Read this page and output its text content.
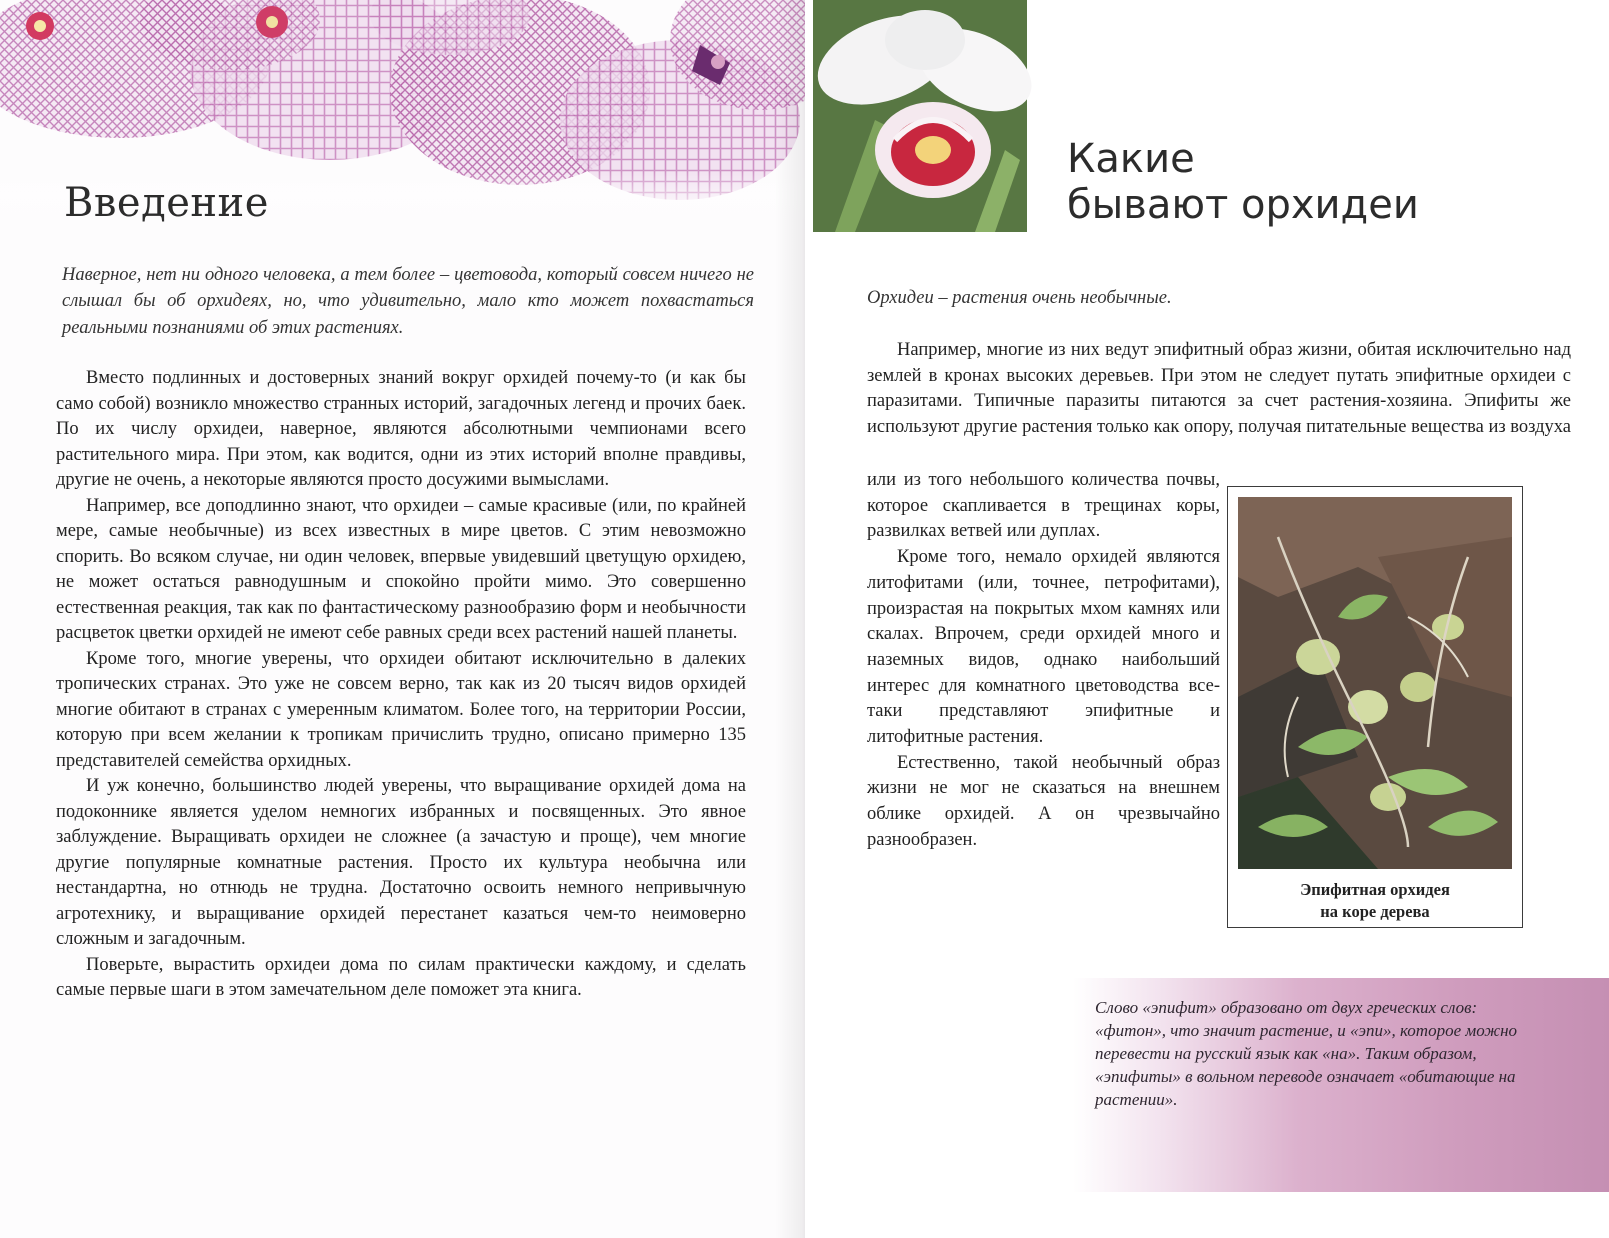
Введение

Наверное, нет ни одного человека, а тем более – цветовода, который совсем ничего не слышал бы об орхидеях, но, что удивительно, мало кто может похвастаться реальными познаниями об этих растениях.

Вместо подлинных и достоверных знаний вокруг орхидей почему-то (и как бы само собой) возникло множество странных историй, загадочных легенд и прочих баек. По их числу орхидеи, наверное, являются абсолютными чемпионами всего растительного мира. При этом, как водится, одни из этих историй вполне правдивы, другие не очень, а некоторые являются просто досужими вымыслами.

Например, все доподлинно знают, что орхидеи – самые красивые (или, по крайней мере, самые необычные) из всех известных в мире цветов. С этим невозможно спорить. Во всяком случае, ни один человек, впервые увидевший цветущую орхидею, не может остаться равнодушным и спокойно пройти мимо. Это совершенно естественная реакция, так как по фантастическому разнообразию форм и необычности расцветок цветки орхидей не имеют себе равных среди всех растений нашей планеты.

Кроме того, многие уверены, что орхидеи обитают исключительно в далеких тропических странах. Это уже не совсем верно, так как из 20 тысяч видов орхидей многие обитают в странах с умеренным климатом. Более того, на территории России, которую при всем желании к тропикам причислить трудно, описано примерно 135 представителей семейства орхидных.

И уж конечно, большинство людей уверены, что выращивание орхидей дома на подоконнике является уделом немногих избранных и посвященных. Это явное заблуждение. Выращивать орхидеи не сложнее (а зачастую и проще), чем многие другие популярные комнатные растения. Просто их культура необычна или нестандартна, но отнюдь не трудна. Достаточно освоить немного непривычную агротехнику, и выращивание орхидей перестанет казаться чем-то неимоверно сложным и загадочным.

Поверьте, вырастить орхидеи дома по силам практически каждому, и сделать самые первые шаги в этом замечательном деле поможет эта книга.

Какие
бывают орхидеи

Орхидеи – растения очень необычные.

Например, многие из них ведут эпифитный образ жизни, обитая исключительно над землей в кронах высоких деревьев. При этом не следует путать эпифитные орхидеи с паразитами. Типичные паразиты питаются за счет растения-хозяина. Эпифиты же используют другие растения только как опору, получая питательные вещества из воздуха

или из того небольшого количества почвы, которое скапливается в трещинах коры, развилках ветвей или дуплах.

Кроме того, немало орхидей являются литофитами (или, точнее, петрофитами), произрастая на покрытых мхом камнях или скалах. Впрочем, среди орхидей много и наземных видов, однако наибольший интерес для комнатного цветоводства все-таки представляют эпифитные и литофитные растения.

Естественно, такой необычный образ жизни не мог не сказаться на внешнем облике орхидей. А он чрезвычайно разнообразен.

Эпифитная орхидея
на коре дерева

Слово «эпифит» образовано от двух греческих слов: «фитон», что значит растение, и «эпи», которое можно перевести на русский язык как «на». Таким образом, «эпифиты» в вольном переводе означает «обитающие на растении».
